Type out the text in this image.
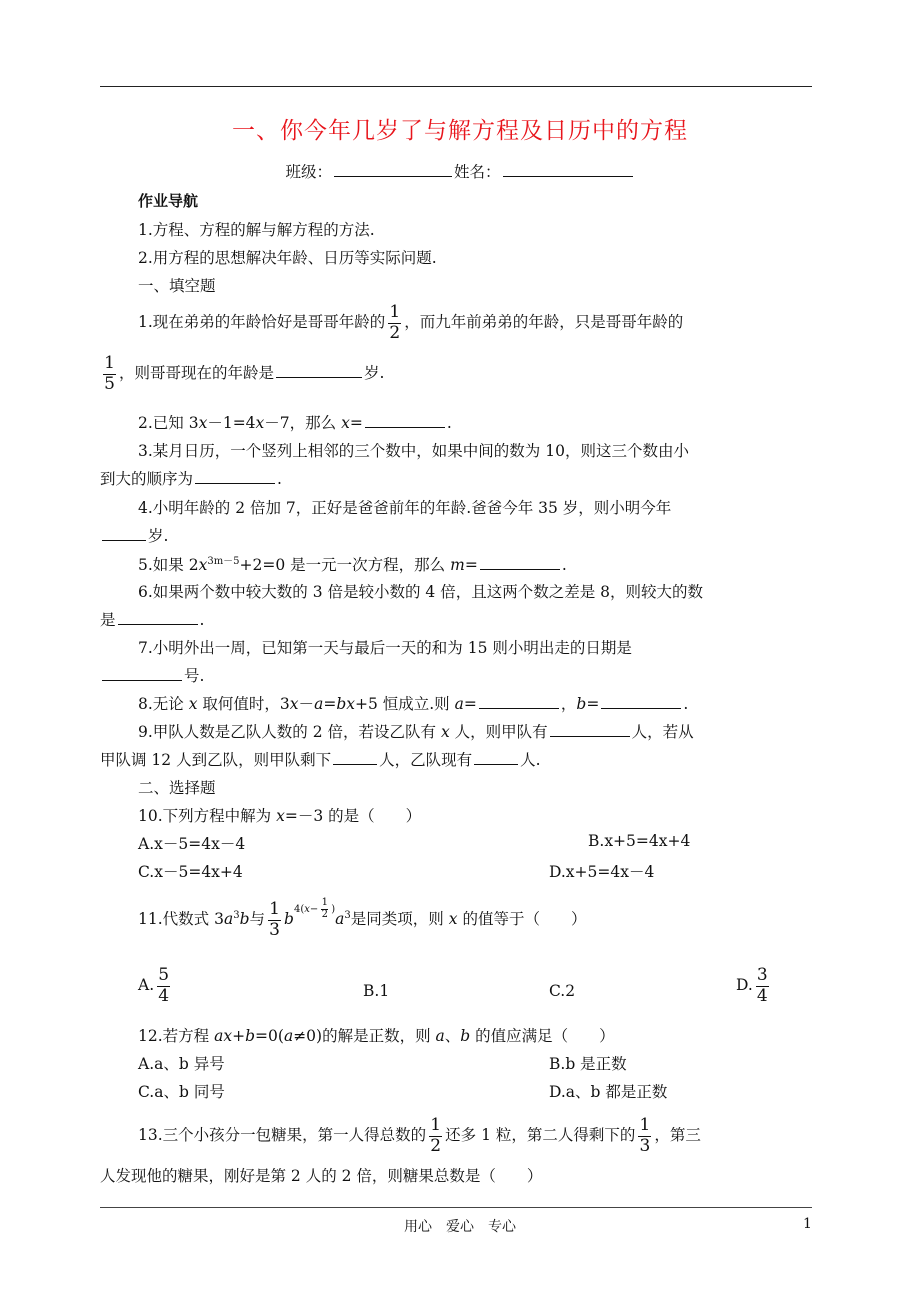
一、你今年几岁了与解方程及日历中的方程
班级：	姓名：
作业导航
1.方程、方程的解与解方程的方法.
2.用方程的思想解决年龄、日历等实际问题.
一、填空题
1.现在弟弟的年龄恰好是哥哥年龄的 $\frac{1}{2}$ ，而九年前弟弟的年龄，只是哥哥年龄的
$\frac{1}{5}$ ，则哥哥现在的年龄是	岁.
2.已知 3x－1=4x－7，那么 x=	.
3.某月日历，一个竖列上相邻的三个数中，如果中间的数为 10，则这三个数由小
到大的顺序为	.
4.小明年龄的 2 倍加 7，正好是爸爸前年的年龄.爸爸今年 35 岁，则小明今年
岁.
5.如果 $2x^{3m-5}+2=0$ 是一元一次方程，那么 m=	.
6.如果两个数中较大数的 3 倍是较小数的 4 倍，且这两个数之差是 8，则较大的数
是	.
7.小明外出一周，已知第一天与最后一天的和为 15 则小明出走的日期是
号.
8.无论 x 取何值时，3x－a=bx+5 恒成立.则 a=	，b=	.
9.甲队人数是乙队人数的 2 倍，若设乙队有 x 人，则甲队有	人，若从
甲队调 12 人到乙队，则甲队剩下	人，乙队现有	人.
二、选择题
10.下列方程中解为 x=－3 的是（　　）
A.x－5=4x－4	B.x+5=4x+4
C.x－5=4x+4	D.x+5=4x－4
11.代数式 $3a^3b$与 $\frac{1}{3} b^{4(x- \frac{1}{2} )}a^3$是同类项，则 x 的值等于（　　）
A. $\frac{5}{4}$	B.1	C.2	D. $\frac{3}{4}$
12.若方程 ax+b=0(a≠0)的解是正数，则 a、b 的值应满足（　　）
A.a、b 异号	B.b 是正数
C.a、b 同号	D.a、b 都是正数
13.三个小孩分一包糖果，第一人得总数的 $\frac{1}{2}$ 还多 1 粒，第二人得剩下的 $\frac{1}{3}$ ，第三
人发现他的糖果，刚好是第 2 人的 2 倍，则糖果总数是（　　）
用心　爱心　专心	1
